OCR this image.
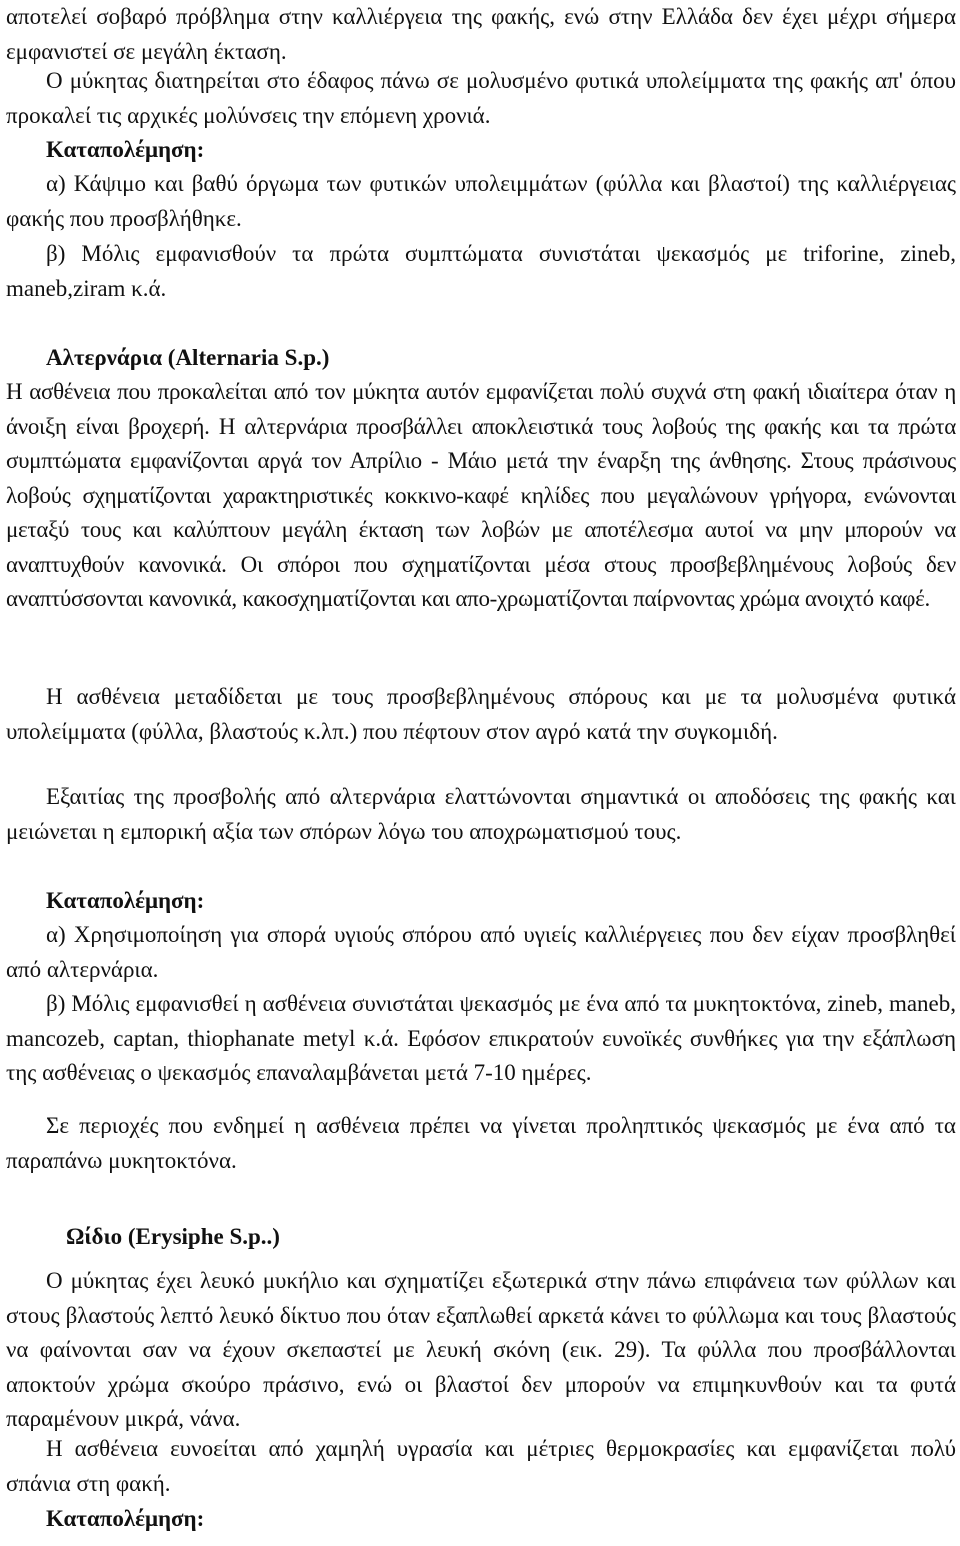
αποτελεί σοβαρό πρόβλημα στην καλλιέργεια της φακής, ενώ στην Ελλάδα δεν έχει μέχρι σήμερα εμφανιστεί σε μεγάλη έκταση.

Ο μύκητας διατηρείται στο έδαφος πάνω σε μολυσμένο φυτικά υπολείμματα της φακής απ' όπου προκαλεί τις αρχικές μολύνσεις την επόμενη χρονιά.

Καταπολέμηση:

α) Κάψιμο και βαθύ όργωμα των φυτικών υπολειμμάτων (φύλλα και βλαστοί) της καλλιέργειας φακής που προσβλήθηκε.

β) Μόλις εμφανισθούν τα πρώτα συμπτώματα συνιστάται ψεκασμός με triforine, zineb, maneb,ziram κ.ά.

Αλτερνάρια (Alternaria S.p.)

Η ασθένεια που προκαλείται από τον μύκητα αυτόν εμφανίζεται πολύ συχνά στη φακή ιδιαίτερα όταν η άνοιξη είναι βροχερή. Η αλτερνάρια προσβάλλει αποκλειστικά τους λοβούς της φακής και τα πρώτα συμπτώματα εμφανίζονται αργά τον Απρίλιο - Μάιο μετά την έναρξη της άνθησης. Στους πράσινους λοβούς σχηματίζονται χαρακτηριστικές κοκκινο-καφέ κηλίδες που μεγαλώνουν γρήγορα, ενώνονται μεταξύ τους και καλύπτουν μεγάλη έκταση των λοβών με αποτέλεσμα αυτοί να μην μπορούν να αναπτυχθούν κανονικά. Οι σπόροι που σχηματίζονται μέσα στους προσβεβλημένους λοβούς δεν αναπτύσσονται κανονικά, κακοσχηματίζονται και απο-χρωματίζονται παίρνοντας χρώμα ανοιχτό καφέ.

Η ασθένεια μεταδίδεται με τους προσβεβλημένους σπόρους και με τα μολυσμένα φυτικά υπολείμματα (φύλλα, βλαστούς κ.λπ.) που πέφτουν στον αγρό κατά την συγκομιδή.

Εξαιτίας της προσβολής από αλτερνάρια ελαττώνονται σημαντικά οι αποδόσεις της φακής και μειώνεται η εμπορική αξία των σπόρων λόγω του αποχρωματισμού τους.

Καταπολέμηση:

α) Χρησιμοποίηση για σπορά υγιούς σπόρου από υγιείς καλλιέργειες που δεν είχαν προσβληθεί από αλτερνάρια.

β) Μόλις εμφανισθεί η ασθένεια συνιστάται ψεκασμός με ένα από τα μυκητοκτόνα, zineb, maneb, mancozeb, captan, thiophanate metyl κ.ά. Εφόσον επικρατούν ευνοϊκές συνθήκες για την εξάπλωση της ασθένειας ο ψεκασμός επαναλαμβάνεται μετά 7-10 ημέρες.

Σε περιοχές που ενδημεί η ασθένεια πρέπει να γίνεται προληπτικός ψεκασμός με ένα από τα παραπάνω μυκητοκτόνα.

Ωίδιο (Erysiphe S.p..)

Ο μύκητας έχει λευκό μυκήλιο και σχηματίζει εξωτερικά στην πάνω επιφάνεια των φύλλων και στους βλαστούς λεπτό λευκό δίκτυο που όταν εξαπλωθεί αρκετά κάνει το φύλλωμα και τους βλαστούς να φαίνονται σαν να έχουν σκεπαστεί με λευκή σκόνη (εικ. 29). Τα φύλλα που προσβάλλονται αποκτούν χρώμα σκούρο πράσινο, ενώ οι βλαστοί δεν μπορούν να επιμηκυνθούν και τα φυτά παραμένουν μικρά, νάνα.

Η ασθένεια ευνοείται από χαμηλή υγρασία και μέτριες θερμοκρασίες και εμφανίζεται πολύ σπάνια στη φακή.

Καταπολέμηση:
